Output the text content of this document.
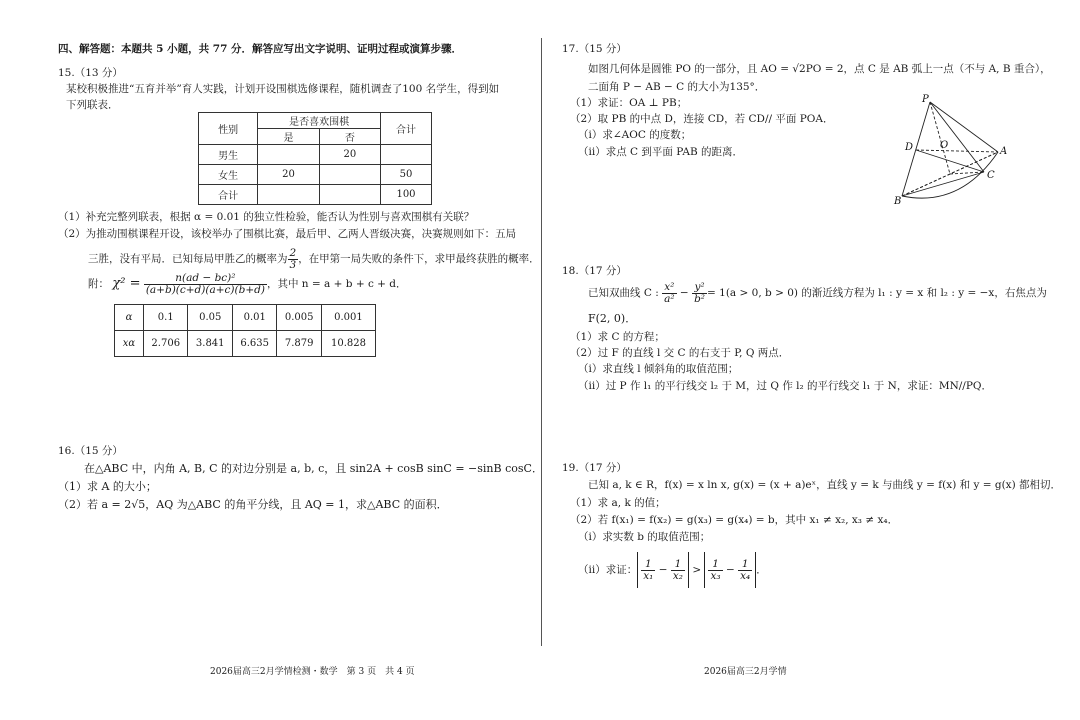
四、解答题：本题共 5 小题，共 77 分．解答应写出文字说明、证明过程或演算步骤．
15.（13 分）
某校积极推进“五育并举”育人实践，计划开设围棋选修课程，随机调查了100 名学生，得到如
下列联表．
性别	是否喜欢围棋		合计
	是	否	
男生		20	
女生	20		50
合计			100
（1）补充完整列联表，根据 α = 0.01 的独立性检验，能否认为性别与喜欢围棋有关联？
（2）为推动围棋课程开设，该校举办了围棋比赛，最后甲、乙两人晋级决赛，决赛规则如下：五局
三胜，没有平局．已知每局甲胜乙的概率为 $\frac{2}{3}$ ，在甲第一局失败的条件下，求甲最终获胜的概率．
附： $\chi^2 = \frac{\text{n(ad − bc)²}}{(a+b)(c+d)(a+c)(b+d)}$ ，其中 n = a + b + c + d．
α	0.1	0.05	0.01	0.005	0.001
xα	2.706	3.841	6.635	7.879	10.828
16.（15 分）
在△ABC 中，内角 A, B, C 的对边分别是 a, b, c，且 sin2A + cosB sinC = −sinB cosC．
（1）求 A 的大小；
（2）若 a = 2√5，AQ 为△ABC 的角平分线，且 AQ = 1，求△ABC 的面积．
17.（15 分）
如图几何体是圆锥 PO 的一部分，且 AO = √2PO = 2，点 C 是 AB 弧上一点（不与 A, B 重合），
二面角 P − AB − C 的大小为135°．
（1）求证：OA ⊥ PB；
（2）取 PB 的中点 D，连接 CD，若 CD// 平面 POA．
（i）求∠AOC 的度数；
（ii）求点 C 到平面 PAB 的距离．
P
O
D	A
C
B
18.（17 分）
已知双曲线 C : $\frac{\text{x²}}{\text{a²}} - \frac{\text{y²}}{\text{b²}} = 1(a > 0$, b > 0) 的渐近线方程为 l₁ : y = x 和 l₂ : y = −x，右焦点为
F(2, 0)．
（1）求 C 的方程；
（2）过 F 的直线 l 交 C 的右支于 P, Q 两点．
（i）求直线 l 倾斜角的取值范围；
（ii）过 P 作 l₁ 的平行线交 l₂ 于 M，过 Q 作 l₂ 的平行线交 l₁ 于 N，求证：MN//PQ．
19.（17 分）
已知 a, k ∈ R，f(x) = x ln x, g(x) = (x + a)eˣ，直线 y = k 与曲线 y = f(x) 和 y = g(x) 都相切．
（1）求 a, k 的值；
（2）若 f(x₁) = f(x₂) = g(x₃) = g(x₄) = b，其中 x₁ ≠ x₂, x₃ ≠ x₄．
（i）求实数 b 的取值范围；
（ii）求证： $\frac{1}{\text{x₁}} - \frac{1}{\text{x₂}} > \frac{1}{\text{x₃}} - \frac{1}{\text{x₄}}$ ．
2026届高三2月学情检测・数学　第 3 页　共 4 页	2026届高三2月学情
